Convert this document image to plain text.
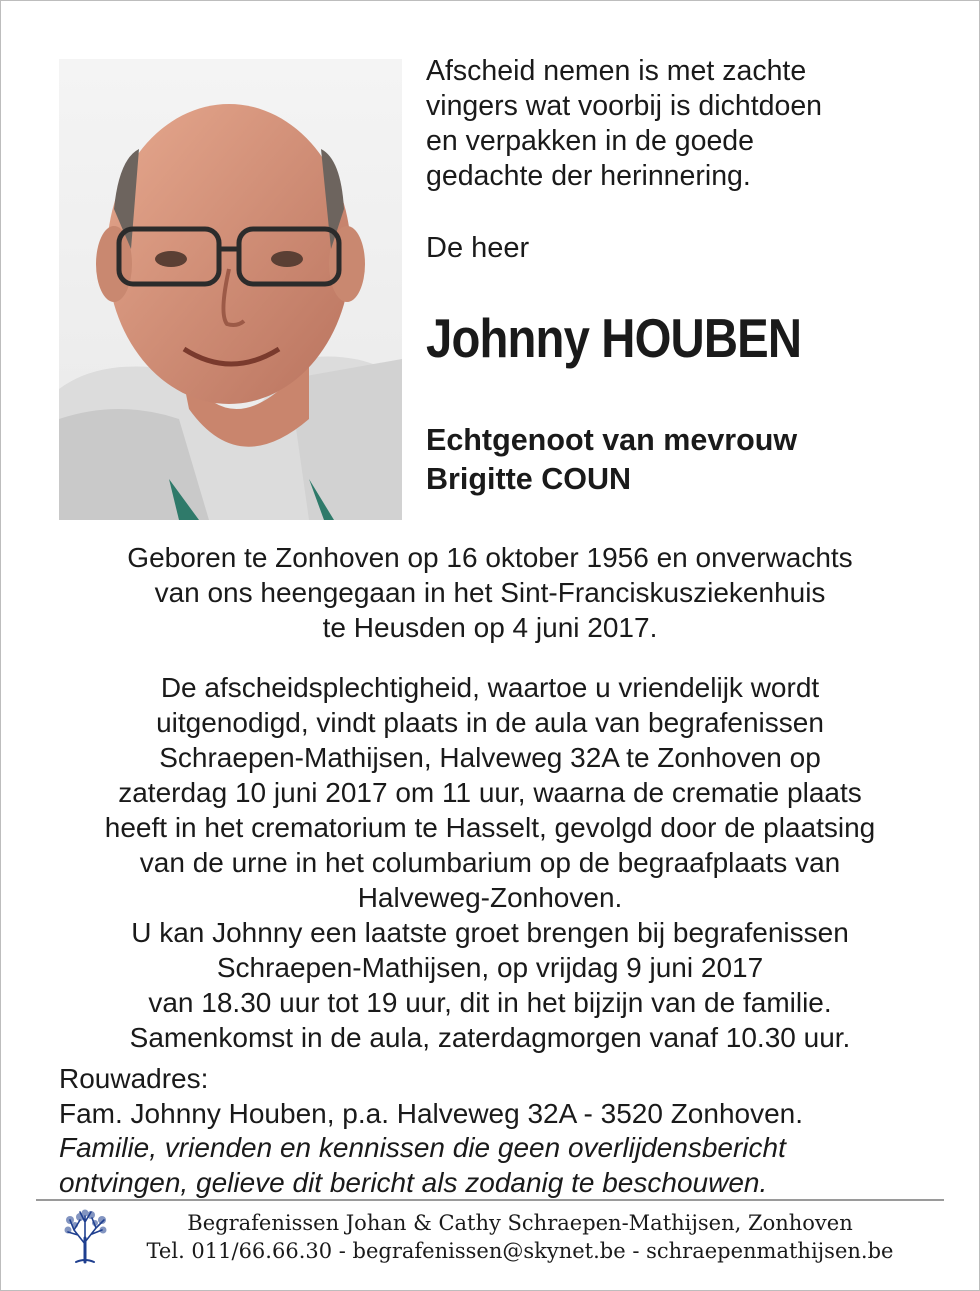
Afscheid nemen is met zachte
vingers wat voorbij is dichtdoen
en verpakken in de goede
gedachte der herinnering.
De heer
Johnny HOUBEN
Echtgenoot van mevrouw
Brigitte COUN
Geboren te Zonhoven op 16 oktober 1956 en onverwachts
van ons heengegaan in het Sint-Franciskusziekenhuis
te Heusden op 4 juni 2017.
De afscheidsplechtigheid, waartoe u vriendelijk wordt
uitgenodigd, vindt plaats in de aula van begrafenissen
Schraepen-Mathijsen, Halveweg 32A te Zonhoven op
zaterdag 10 juni 2017 om 11 uur, waarna de crematie plaats
heeft in het crematorium te Hasselt, gevolgd door de plaatsing
van de urne in het columbarium op de begraafplaats van
Halveweg-Zonhoven.
U kan Johnny een laatste groet brengen bij begrafenissen
Schraepen-Mathijsen, op vrijdag 9 juni 2017
van 18.30 uur tot 19 uur, dit in het bijzijn van de familie.
Samenkomst in de aula, zaterdagmorgen vanaf 10.30 uur.
Rouwadres:
Fam. Johnny Houben, p.a. Halveweg 32A - 3520 Zonhoven.
Familie, vrienden en kennissen die geen overlijdensbericht
ontvingen, gelieve dit bericht als zodanig te beschouwen.
Begrafenissen Johan & Cathy Schraepen-Mathijsen, Zonhoven
Tel. 011/66.66.30 - begrafenissen@skynet.be - schraepenmathijsen.be
